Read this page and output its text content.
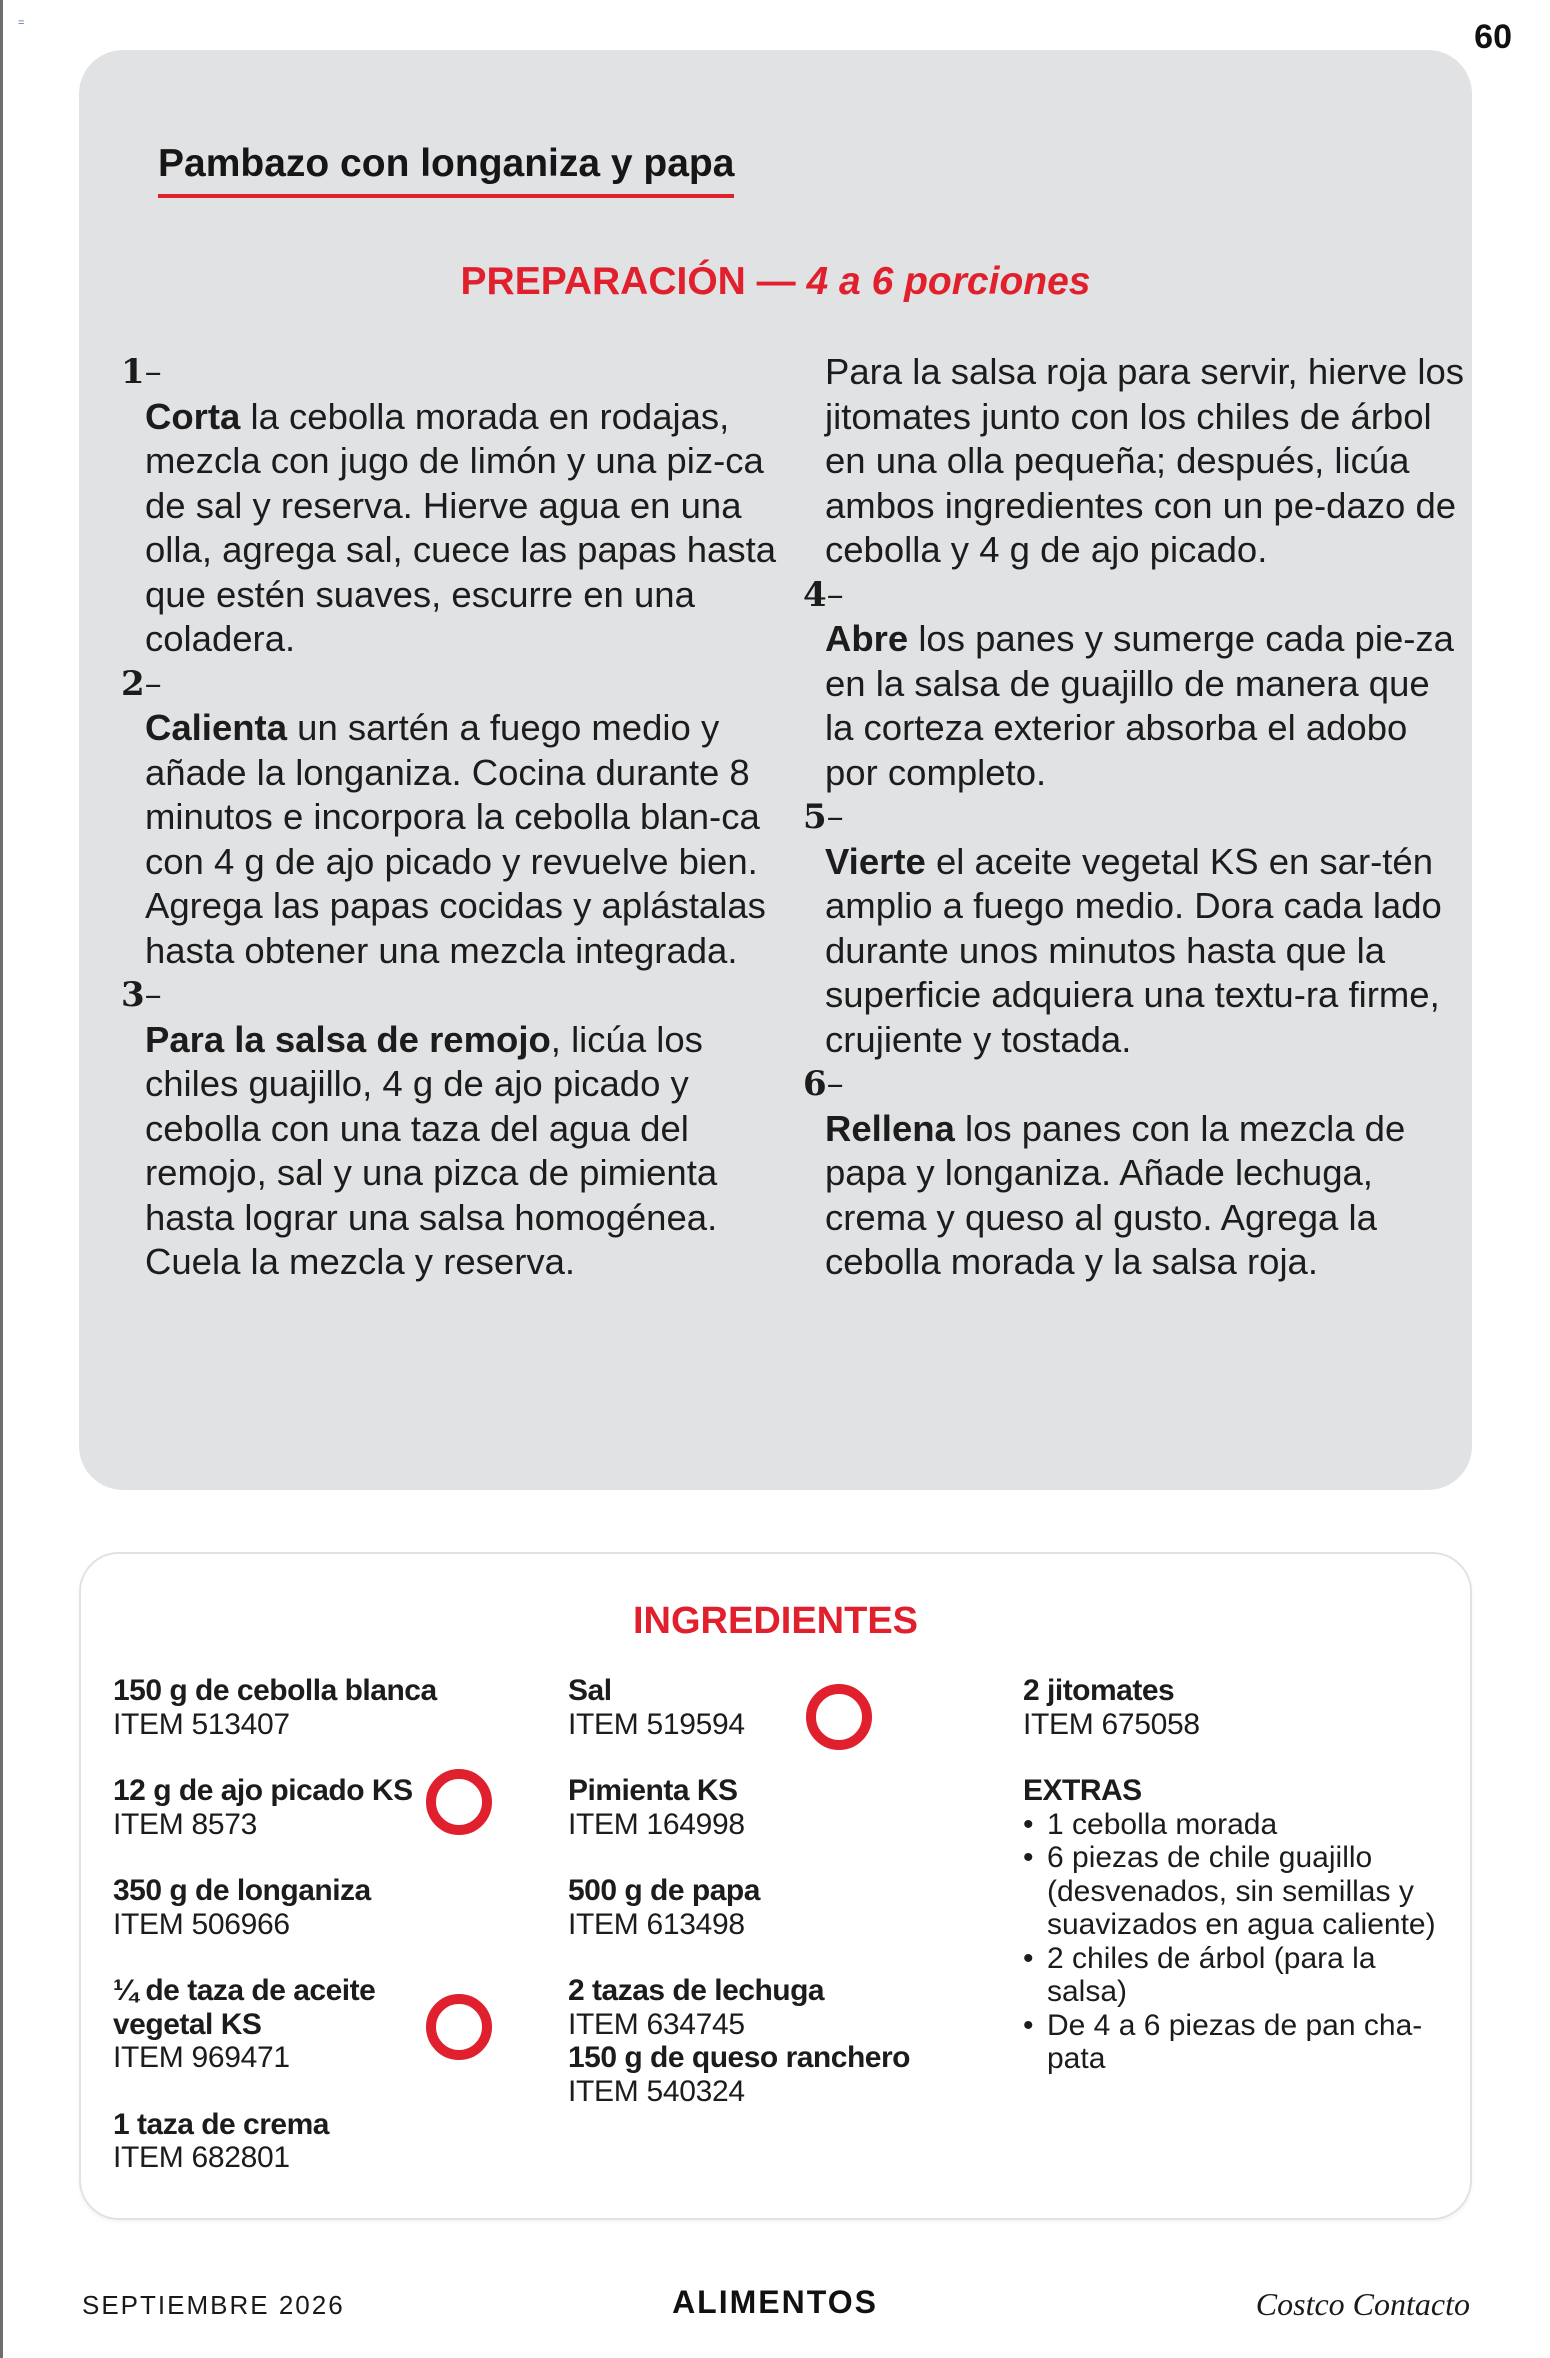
=	60
Pambazo con longaniza y papa
PREPARACIÓN — 4 a 6 porciones
1–

Corta la cebolla morada en rodajas, mezcla con jugo de limón y una piz-ca de sal y reserva. Hierve agua en una olla, agrega sal, cuece las papas hasta que estén suaves, escurre en una coladera.

2–

Calienta un sartén a fuego medio y añade la longaniza. Cocina durante 8 minutos e incorpora la cebolla blan-ca con 4 g de ajo picado y revuelve bien. Agrega las papas cocidas y aplástalas hasta obtener una mezcla integrada.

3–

Para la salsa de remojo, licúa los chiles guajillo, 4 g de ajo picado y cebolla con una taza del agua del remojo, sal y una pizca de pimienta hasta lograr una salsa homogénea. Cuela la mezcla y reserva.

Para la salsa roja para servir, hierve los jitomates junto con los chiles de árbol en una olla pequeña; después, licúa ambos ingredientes con un pe-dazo de cebolla y 4 g de ajo picado.

4–

Abre los panes y sumerge cada pie-za en la salsa de guajillo de manera que la corteza exterior absorba el adobo por completo.

5–

Vierte el aceite vegetal KS en sar-tén amplio a fuego medio. Dora cada lado durante unos minutos hasta que la superficie adquiera una textu-ra firme, crujiente y tostada.

6–

Rellena los panes con la mezcla de papa y longaniza. Añade lechuga, crema y queso al gusto. Agrega la cebolla morada y la salsa roja.

INGREDIENTES
150 g de cebolla blanca
ITEM 513407
12 g de ajo picado KS
ITEM 8573
350 g de longaniza
ITEM 506966
¼ de taza de aceite vegetal KS
ITEM 969471
1 taza de crema
ITEM 682801
Sal
ITEM 519594
Pimienta KS
ITEM 164998
500 g de papa
ITEM 613498
2 tazas de lechuga
ITEM 634745
150 g de queso ranchero
ITEM 540324
2 jitomates
ITEM 675058
EXTRAS
• 1 cebolla morada
• 6 piezas de chile guajillo (desvenados, sin semillas y suavizados en agua caliente)
• 2 chiles de árbol (para la salsa)
• De 4 a 6 piezas de pan cha-pata
SEPTIEMBRE 2026	ALIMENTOS	Costco Contacto
